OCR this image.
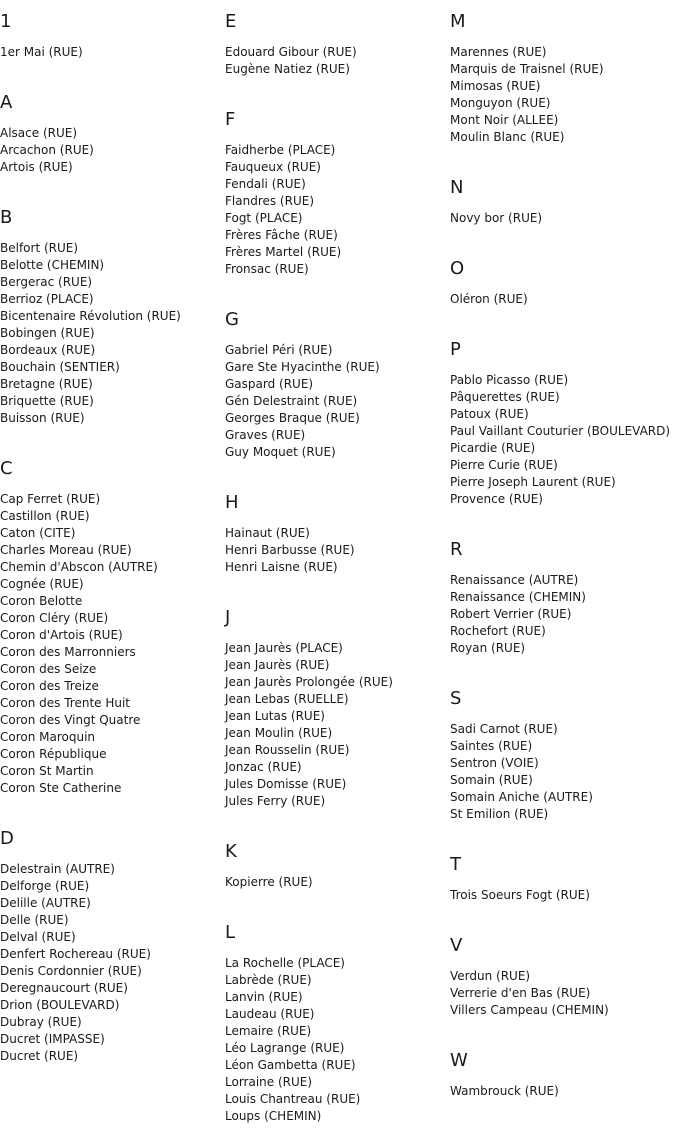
1
1er Mai (RUE)
A
Alsace (RUE)
Arcachon (RUE)
Artois (RUE)
B
Belfort (RUE)
Belotte (CHEMIN)
Bergerac (RUE)
Berrioz (PLACE)
Bicentenaire Révolution (RUE)
Bobingen (RUE)
Bordeaux (RUE)
Bouchain (SENTIER)
Bretagne (RUE)
Briquette (RUE)
Buisson (RUE)
C
Cap Ferret (RUE)
Castillon (RUE)
Caton (CITE)
Charles Moreau (RUE)
Chemin d'Abscon (AUTRE)
Cognée (RUE)
Coron Belotte
Coron Cléry (RUE)
Coron d'Artois (RUE)
Coron des Marronniers
Coron des Seize
Coron des Treize
Coron des Trente Huit
Coron des Vingt Quatre
Coron Maroquin
Coron République
Coron St Martin
Coron Ste Catherine
D
Delestrain (AUTRE)
Delforge (RUE)
Delille (AUTRE)
Delle (RUE)
Delval (RUE)
Denfert Rochereau (RUE)
Denis Cordonnier (RUE)
Deregnaucourt (RUE)
Drion (BOULEVARD)
Dubray (RUE)
Ducret (IMPASSE)
Ducret (RUE)
E
Edouard Gibour (RUE)
Eugène Natiez (RUE)
F
Faidherbe (PLACE)
Fauqueux (RUE)
Fendali (RUE)
Flandres (RUE)
Fogt (PLACE)
Frères Fâche (RUE)
Frères Martel (RUE)
Fronsac (RUE)
G
Gabriel Péri (RUE)
Gare Ste Hyacinthe (RUE)
Gaspard (RUE)
Gén Delestraint (RUE)
Georges Braque (RUE)
Graves (RUE)
Guy Moquet (RUE)
H
Hainaut (RUE)
Henri Barbusse (RUE)
Henri Laisne (RUE)
J
Jean Jaurès (PLACE)
Jean Jaurès (RUE)
Jean Jaurès Prolongée (RUE)
Jean Lebas (RUELLE)
Jean Lutas (RUE)
Jean Moulin (RUE)
Jean Rousselin (RUE)
Jonzac (RUE)
Jules Domisse (RUE)
Jules Ferry (RUE)
K
Kopierre (RUE)
L
La Rochelle (PLACE)
Labrède (RUE)
Lanvin (RUE)
Laudeau (RUE)
Lemaire (RUE)
Léo Lagrange (RUE)
Léon Gambetta (RUE)
Lorraine (RUE)
Louis Chantreau (RUE)
Loups (CHEMIN)
M
Marennes (RUE)
Marquis de Traisnel (RUE)
Mimosas (RUE)
Monguyon (RUE)
Mont Noir (ALLEE)
Moulin Blanc (RUE)
N
Novy bor (RUE)
O
Oléron (RUE)
P
Pablo Picasso (RUE)
Pâquerettes (RUE)
Patoux (RUE)
Paul Vaillant Couturier (BOULEVARD)
Picardie (RUE)
Pierre Curie (RUE)
Pierre Joseph Laurent (RUE)
Provence (RUE)
R
Renaissance (AUTRE)
Renaissance (CHEMIN)
Robert Verrier (RUE)
Rochefort (RUE)
Royan (RUE)
S
Sadi Carnot (RUE)
Saintes (RUE)
Sentron (VOIE)
Somain (RUE)
Somain Aniche (AUTRE)
St Emilion (RUE)
T
Trois Soeurs Fogt (RUE)
V
Verdun (RUE)
Verrerie d'en Bas (RUE)
Villers Campeau (CHEMIN)
W
Wambrouck (RUE)
